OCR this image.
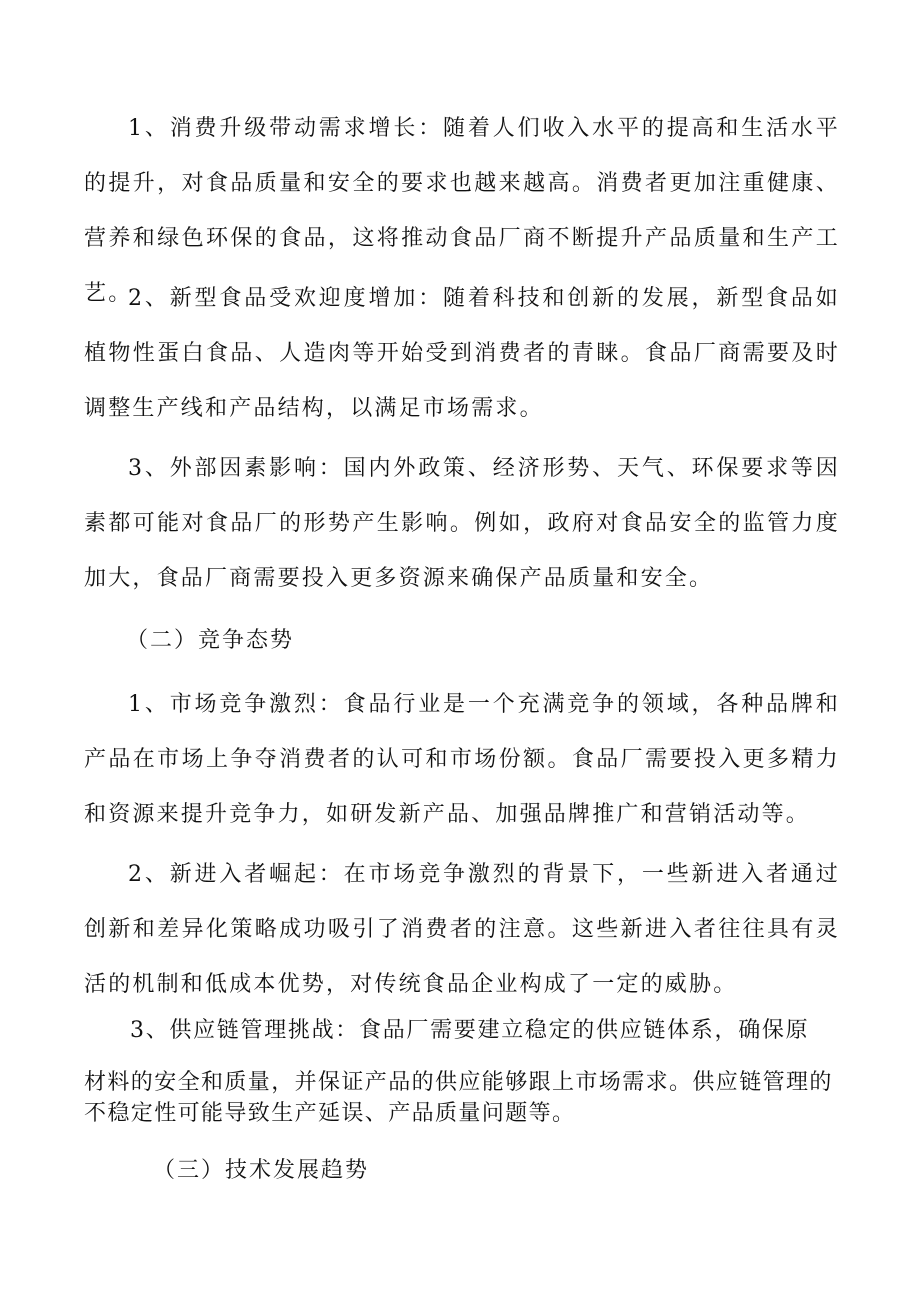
1、消费升级带动需求增长：随着人们收入水平的提高和生活水平的提升，对食品质量和安全的要求也越来越高。消费者更加注重健康、营养和绿色环保的食品，这将推动食品厂商不断提升产品质量和生产工艺。

2、新型食品受欢迎度增加：随着科技和创新的发展，新型食品如植物性蛋白食品、人造肉等开始受到消费者的青睐。食品厂商需要及时调整生产线和产品结构，以满足市场需求。

3、外部因素影响：国内外政策、经济形势、天气、环保要求等因素都可能对食品厂的形势产生影响。例如，政府对食品安全的监管力度加大，食品厂商需要投入更多资源来确保产品质量和安全。

（二）竞争态势

1、市场竞争激烈：食品行业是一个充满竞争的领域，各种品牌和产品在市场上争夺消费者的认可和市场份额。食品厂需要投入更多精力和资源来提升竞争力，如研发新产品、加强品牌推广和营销活动等。

2、新进入者崛起：在市场竞争激烈的背景下，一些新进入者通过创新和差异化策略成功吸引了消费者的注意。这些新进入者往往具有灵活的机制和低成本优势，对传统食品企业构成了一定的威胁。

3、供应链管理挑战：食品厂需要建立稳定的供应链体系，确保原

材料的安全和质量，并保证产品的供应能够跟上市场需求。供应链管理的

不稳定性可能导致生产延误、产品质量问题等。

（三）技术发展趋势
